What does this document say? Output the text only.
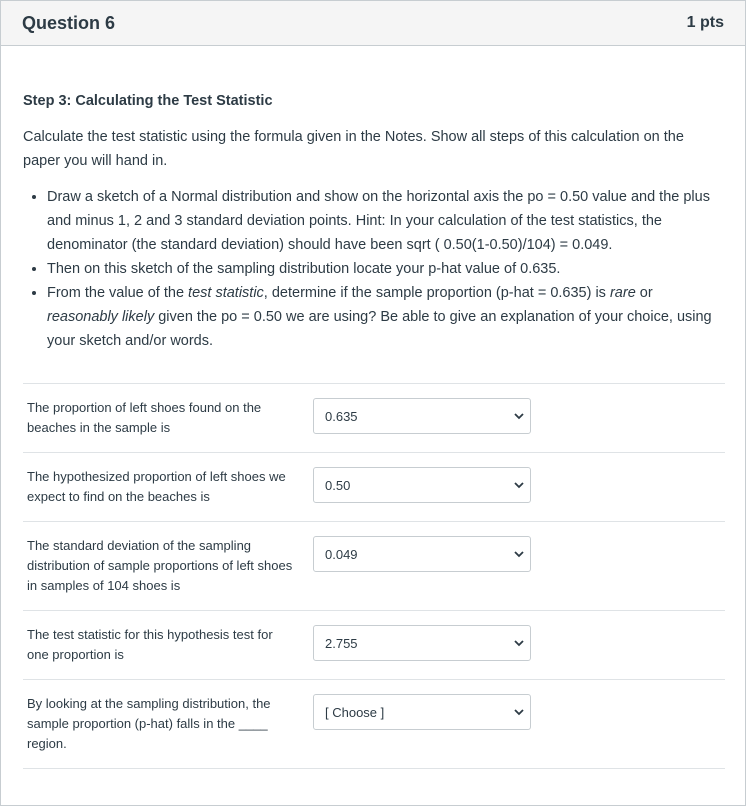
Question 6	1 pts
Step 3: Calculating the Test Statistic
Calculate the test statistic using the formula given in the Notes. Show all steps of this calculation on the paper you will hand in.
• Draw a sketch of a Normal distribution and show on the horizontal axis the po = 0.50 value and the plus and minus 1, 2 and 3 standard deviation points. Hint: In your calculation of the test statistics, the denominator (the standard deviation) should have been sqrt ( 0.50(1-0.50)/104) = 0.049.
• Then on this sketch of the sampling distribution locate your p-hat value of 0.635.
• From the value of the test statistic, determine if the sample proportion (p-hat = 0.635) is rare or reasonably likely given the po = 0.50 we are using? Be able to give an explanation of your choice, using your sketch and/or words.
The proportion of left shoes found on the beaches in the sample is
0.635
The hypothesized proportion of left shoes we expect to find on the beaches is
0.50
The standard deviation of the sampling distribution of sample proportions of left shoes in samples of 104 shoes is
0.049
The test statistic for this hypothesis test for one proportion is
2.755
By looking at the sampling distribution, the sample proportion (p-hat) falls in the ____ region.
[ Choose ]
